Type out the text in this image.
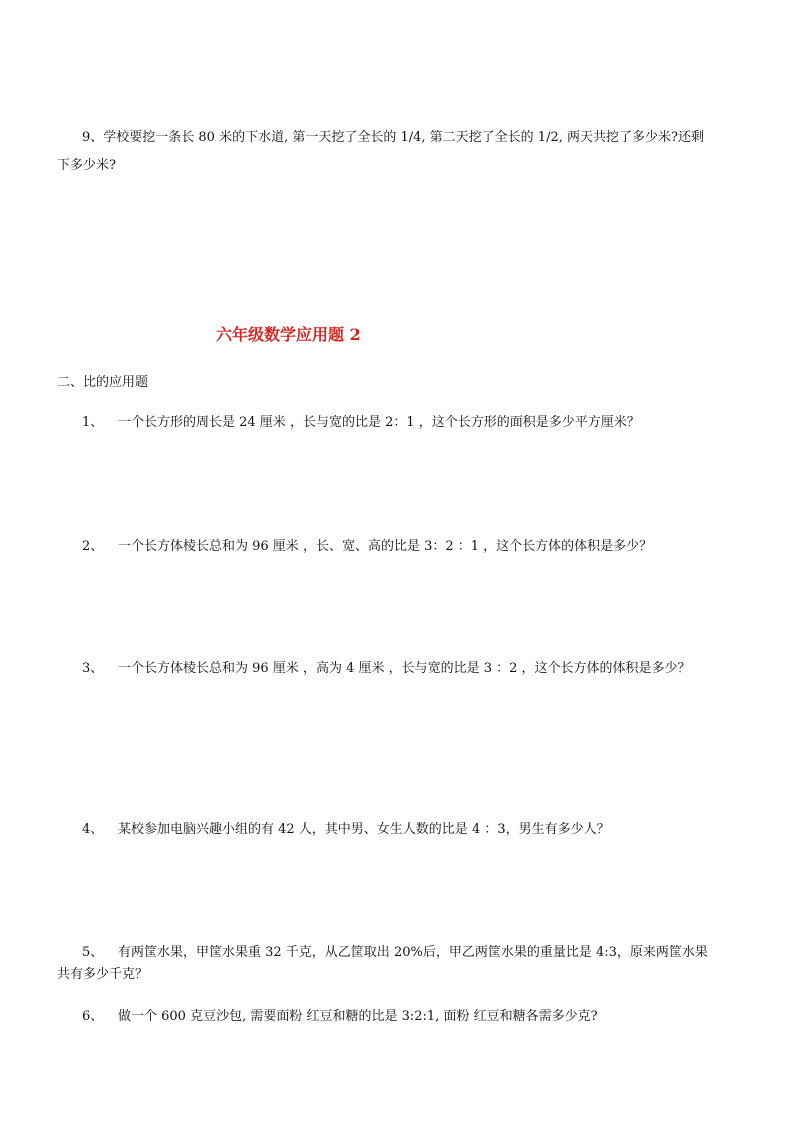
9、学校要挖一条长 80 米的下水道, 第一天挖了全长的 1/4, 第二天挖了全长的 1/2, 两天共挖了多少米?还剩
下多少米?
六年级数学应用题 2
二、比的应用题
1、	一个长方形的周长是 24 厘米 ，长与宽的比是 2：1 ，这个长方形的面积是多少平方厘米？
2、	一个长方体棱长总和为 96 厘米 ，长、宽、高的比是 3：2 ：1 ，这个长方体的体积是多少？
3、	一个长方体棱长总和为 96 厘米 ，高为 4 厘米 ，长与宽的比是 3 ：2 ，这个长方体的体积是多少？
4、	某校参加电脑兴趣小组的有 42 人，其中男、女生人数的比是 4 ：3，男生有多少人？
5、	有两筐水果，甲筐水果重 32 千克，从乙筐取出 20%后，甲乙两筐水果的重量比是 4:3，原来两筐水果
共有多少千克？
6、	做一个 600 克豆沙包, 需要面粉 红豆和糖的比是 3:2:1, 面粉 红豆和糖各需多少克?
